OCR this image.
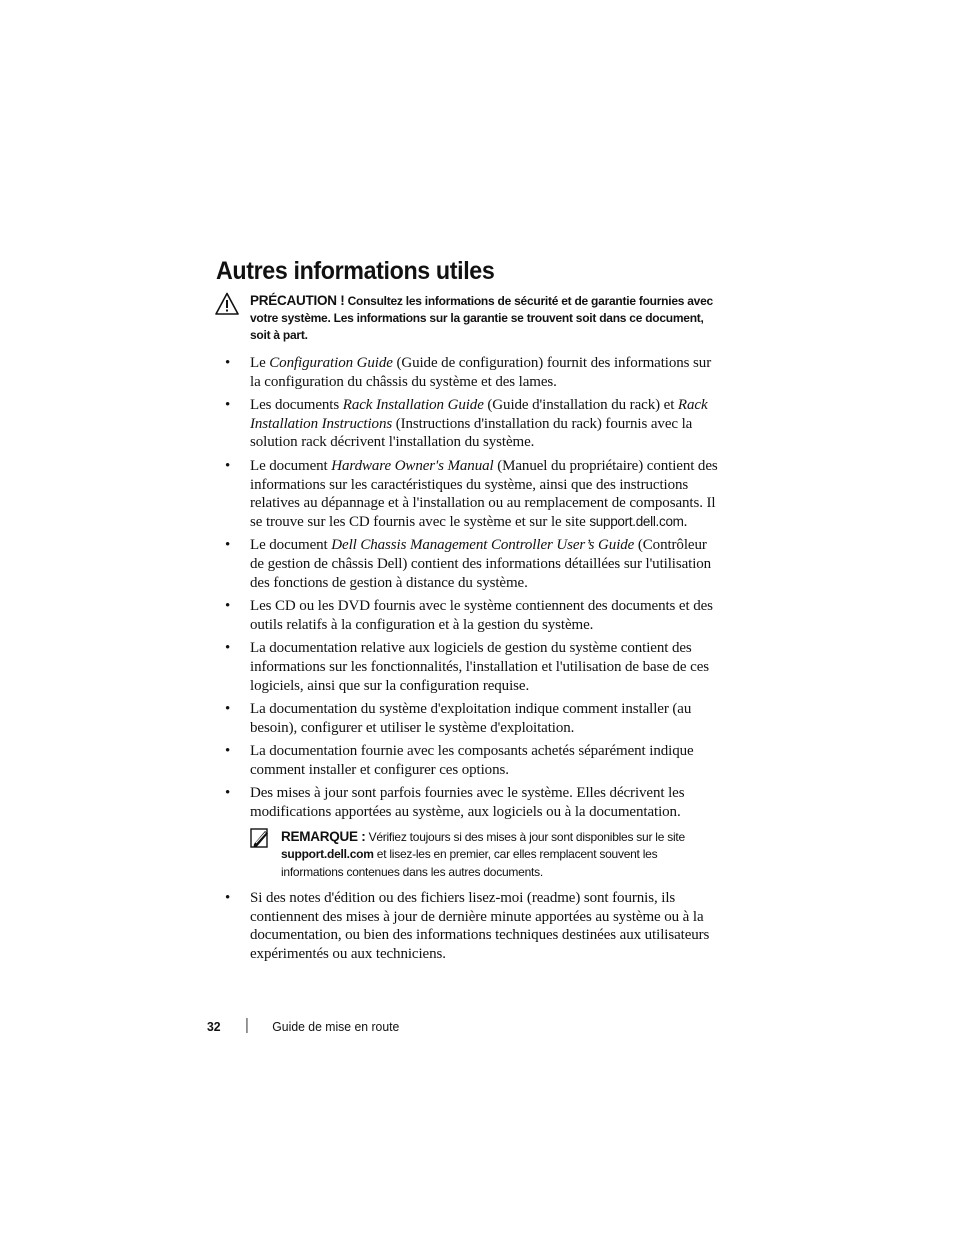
Autres informations utiles
PRÉCAUTION ! Consultez les informations de sécurité et de garantie fournies avec votre système. Les informations sur la garantie se trouvent soit dans ce document, soit à part.
• Le Configuration Guide (Guide de configuration) fournit des informations sur la configuration du châssis du système et des lames.
• Les documents Rack Installation Guide (Guide d'installation du rack) et Rack Installation Instructions (Instructions d'installation du rack) fournis avec la solution rack décrivent l'installation du système.
• Le document Hardware Owner's Manual (Manuel du propriétaire) contient des informations sur les caractéristiques du système, ainsi que des instructions relatives au dépannage et à l'installation ou au remplacement de composants. Il se trouve sur les CD fournis avec le système et sur le site support.dell.com.
• Le document Dell Chassis Management Controller User’s Guide (Contrôleur de gestion de châssis Dell) contient des informations détaillées sur l'utilisation des fonctions de gestion à distance du système.
• Les CD ou les DVD fournis avec le système contiennent des documents et des outils relatifs à la configuration et à la gestion du système.
• La documentation relative aux logiciels de gestion du système contient des informations sur les fonctionnalités, l'installation et l'utilisation de base de ces logiciels, ainsi que sur la configuration requise.
• La documentation du système d'exploitation indique comment installer (au besoin), configurer et utiliser le système d'exploitation.
• La documentation fournie avec les composants achetés séparément indique comment installer et configurer ces options.
• Des mises à jour sont parfois fournies avec le système. Elles décrivent les modifications apportées au système, aux logiciels ou à la documentation.
REMARQUE : Vérifiez toujours si des mises à jour sont disponibles sur le site support.dell.com et lisez-les en premier, car elles remplacent souvent les informations contenues dans les autres documents.
• Si des notes d'édition ou des fichiers lisez-moi (readme) sont fournis, ils contiennent des mises à jour de dernière minute apportées au système ou à la documentation, ou bien des informations techniques destinées aux utilisateurs expérimentés ou aux techniciens.
32	Guide de mise en route
